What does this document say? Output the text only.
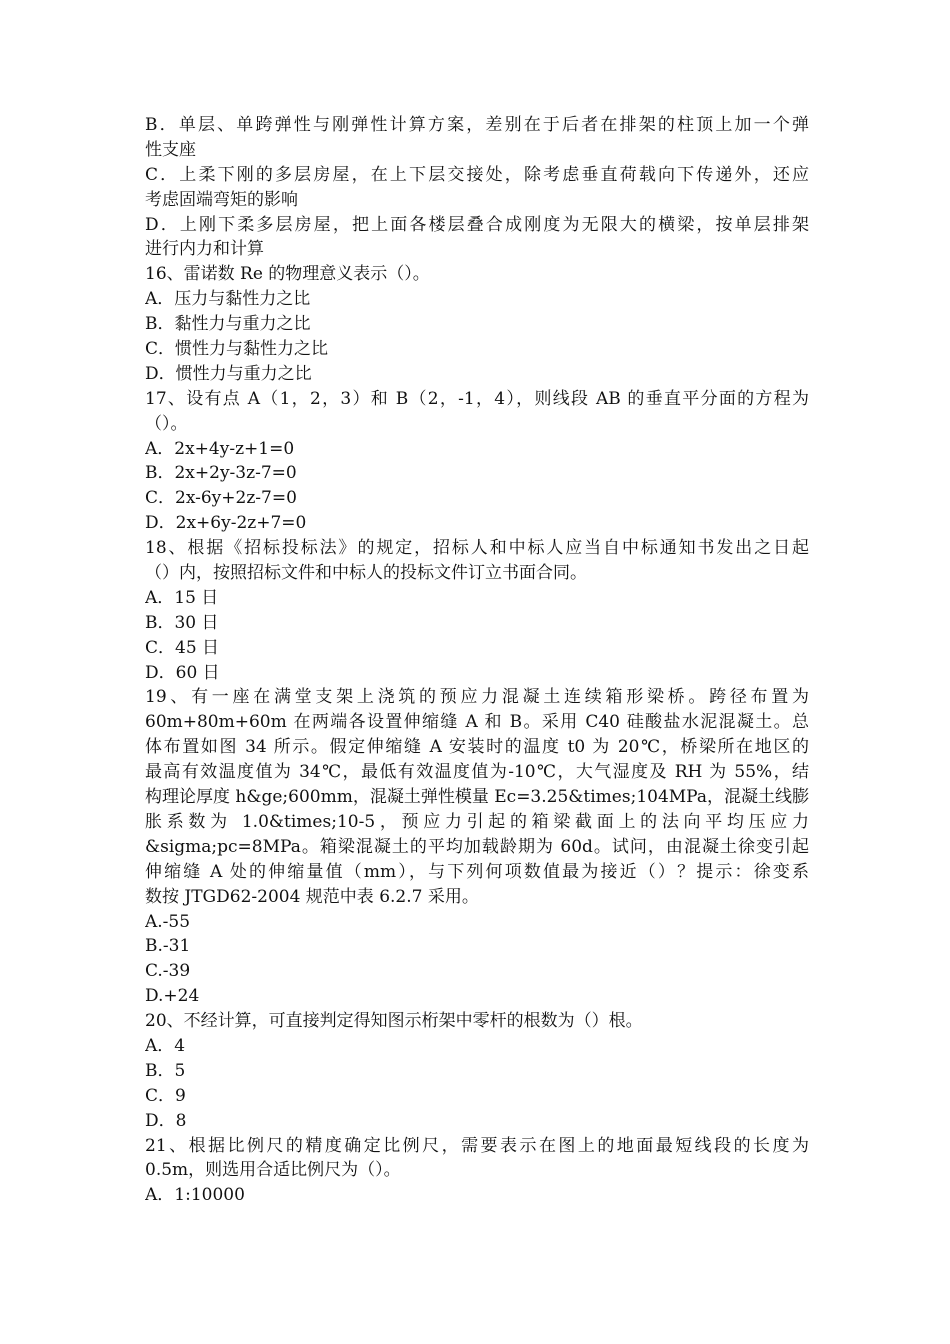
B．单层、单跨弹性与刚弹性计算方案，差别在于后者在排架的柱顶上加一个弹
性支座
C．上柔下刚的多层房屋，在上下层交接处，除考虑垂直荷载向下传递外，还应
考虑固端弯矩的影响
D．上刚下柔多层房屋，把上面各楼层叠合成刚度为无限大的横梁，按单层排架
进行内力和计算
16、雷诺数 Re 的物理意义表示（）。
A．压力与黏性力之比
B．黏性力与重力之比
C．惯性力与黏性力之比
D．惯性力与重力之比
17、设有点 A（1，2，3）和 B（2，-1，4），则线段 AB 的垂直平分面的方程为
（）。
A．2x+4y-z+1=0
B．2x+2y-3z-7=0
C．2x-6y+2z-7=0
D．2x+6y-2z+7=0
18、根据《招标投标法》的规定，招标人和中标人应当自中标通知书发出之日起
（）内，按照招标文件和中标人的投标文件订立书面合同。
A．15 日
B．30 日
C．45 日
D．60 日
19、有一座在满堂支架上浇筑的预应力混凝土连续箱形梁桥。跨径布置为
60m+80m+60m 在两端各设置伸缩缝 A 和 B。采用 C40 硅酸盐水泥混凝土。总
体布置如图 34 所示。假定伸缩缝 A 安装时的温度 t0 为 20℃，桥梁所在地区的
最高有效温度值为 34℃，最低有效温度值为-10℃，大气湿度及 RH 为 55%，结
构理论厚度 h&ge;600mm，混凝土弹性模量 Ec=3.25&times;104MPa，混凝土线膨
胀系数为 1.0&times;10-5，预应力引起的箱梁截面上的法向平均压应力
&sigma;pc=8MPa。箱梁混凝土的平均加载龄期为 60d。试问，由混凝土徐变引起
伸缩缝 A 处的伸缩量值（mm），与下列何项数值最为接近（）？提示：徐变系
数按 JTGD62-2004 规范中表 6.2.7 采用。
A.-55
B.-31
C.-39
D.+24
20、不经计算，可直接判定得知图示桁架中零杆的根数为（）根。
A．4
B．5
C．9
D．8
21、根据比例尺的精度确定比例尺，需要表示在图上的地面最短线段的长度为
0.5m，则选用合适比例尺为（）。
A．1:10000
